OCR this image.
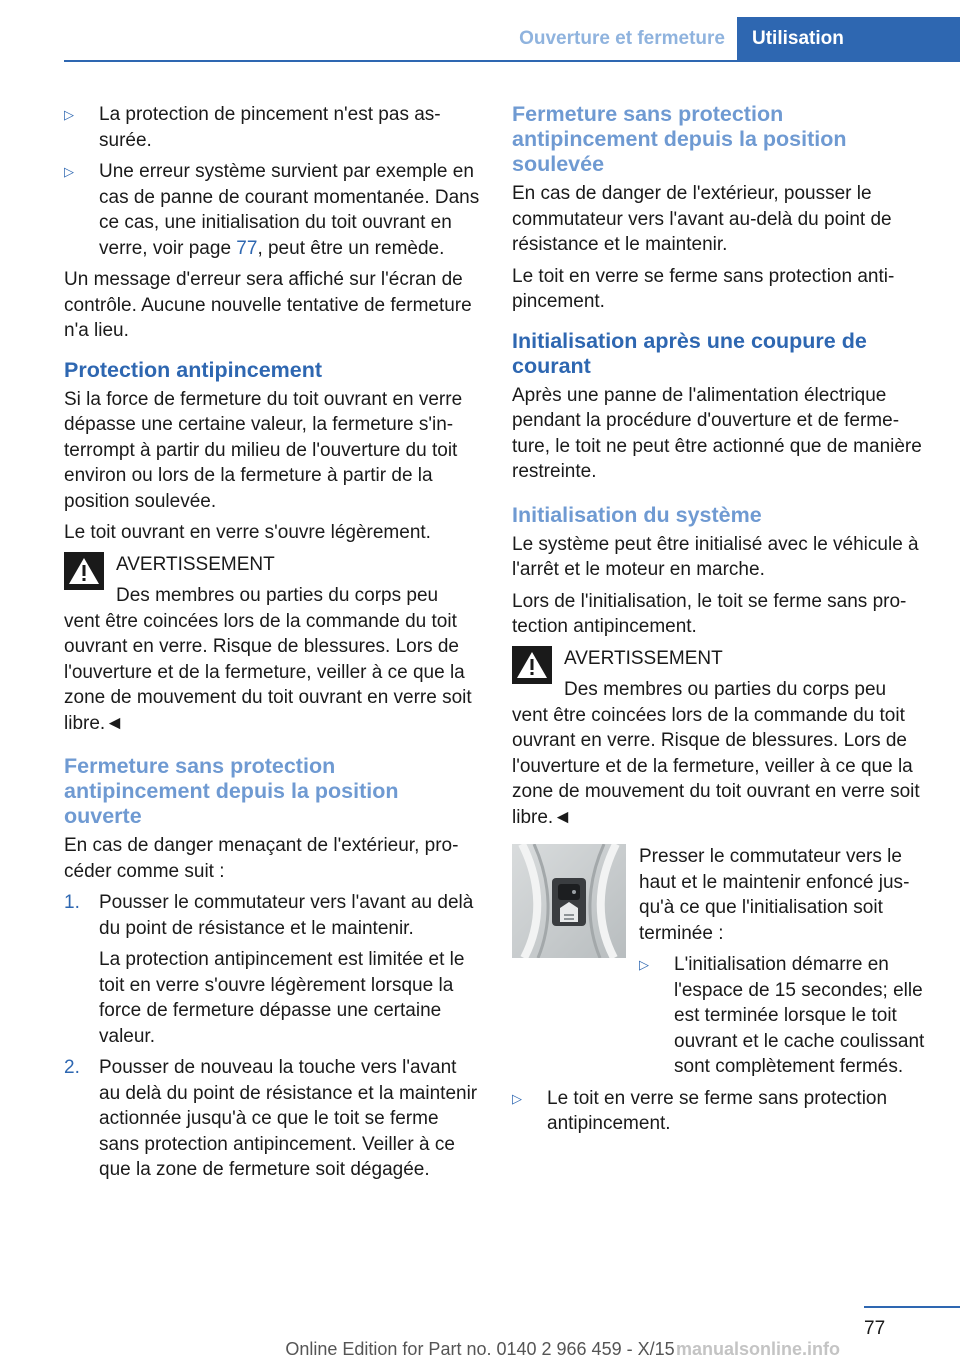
Ouverture et fermeture	Utilisation
▷ La protection de pincement n'est pas assurée.
▷ Une erreur système survient par exemple en cas de panne de courant momentanée. Dans ce cas, une initialisation du toit ouvrant en verre, voir page 77, peut être un remède.

Un message d'erreur sera affiché sur l'écran de contrôle. Aucune nouvelle tentative de fermeture n'a lieu.

Protection antipincement

Si la force de fermeture du toit ouvrant en verre dépasse une certaine valeur, la fermeture s'interrompt à partir du milieu de l'ouverture du toit environ ou lors de la fermeture à partir de la position soulevée.

Le toit ouvrant en verre s'ouvre légèrement.

AVERTISSEMENT
Des membres ou parties du corps peu
vent être coincées lors de la commande du toit ouvrant en verre. Risque de blessures. Lors de l'ouverture et de la fermeture, veiller à ce que la zone de mouvement du toit ouvrant en verre soit libre.◄
Fermeture sans protection antipincement depuis la position ouverte

En cas de danger menaçant de l'extérieur, procéder comme suit :

1. Pousser le commutateur vers l'avant au delà du point de résistance et le maintenir.

La protection antipincement est limitée et le toit en verre s'ouvre légèrement lorsque la force de fermeture dépasse une certaine valeur.

2. Pousser de nouveau la touche vers l'avant au delà du point de résistance et la maintenir actionnée jusqu'à ce que le toit se ferme sans protection antipincement. Veiller à ce que la zone de fermeture soit dégagée.

Fermeture sans protection antipincement depuis la position soulevée

En cas de danger de l'extérieur, pousser le commutateur vers l'avant au-delà du point de résistance et le maintenir.

Le toit en verre se ferme sans protection antipincement.

Initialisation après une coupure de courant

Après une panne de l'alimentation électrique pendant la procédure d'ouverture et de fermeture, le toit ne peut être actionné que de manière restreinte.

Initialisation du système

Le système peut être initialisé avec le véhicule à l'arrêt et le moteur en marche.

Lors de l'initialisation, le toit se ferme sans protection antipincement.

AVERTISSEMENT
Des membres ou parties du corps peu
vent être coincées lors de la commande du toit ouvrant en verre. Risque de blessures. Lors de l'ouverture et de la fermeture, veiller à ce que la zone de mouvement du toit ouvrant en verre soit libre.◄

Presser le commutateur vers le haut et le maintenir enfoncé jusqu'à ce que l'initialisation soit terminée :

▷ L'initialisation démarre en l'espace de 15 secondes; elle est terminée lorsque le toit ouvrant et le cache coulissant sont complètement fermés.
▷ Le toit en verre se ferme sans protection antipincement.
77
Online Edition for Part no. 0140 2 966 459 - X/15 manualsonline.info
